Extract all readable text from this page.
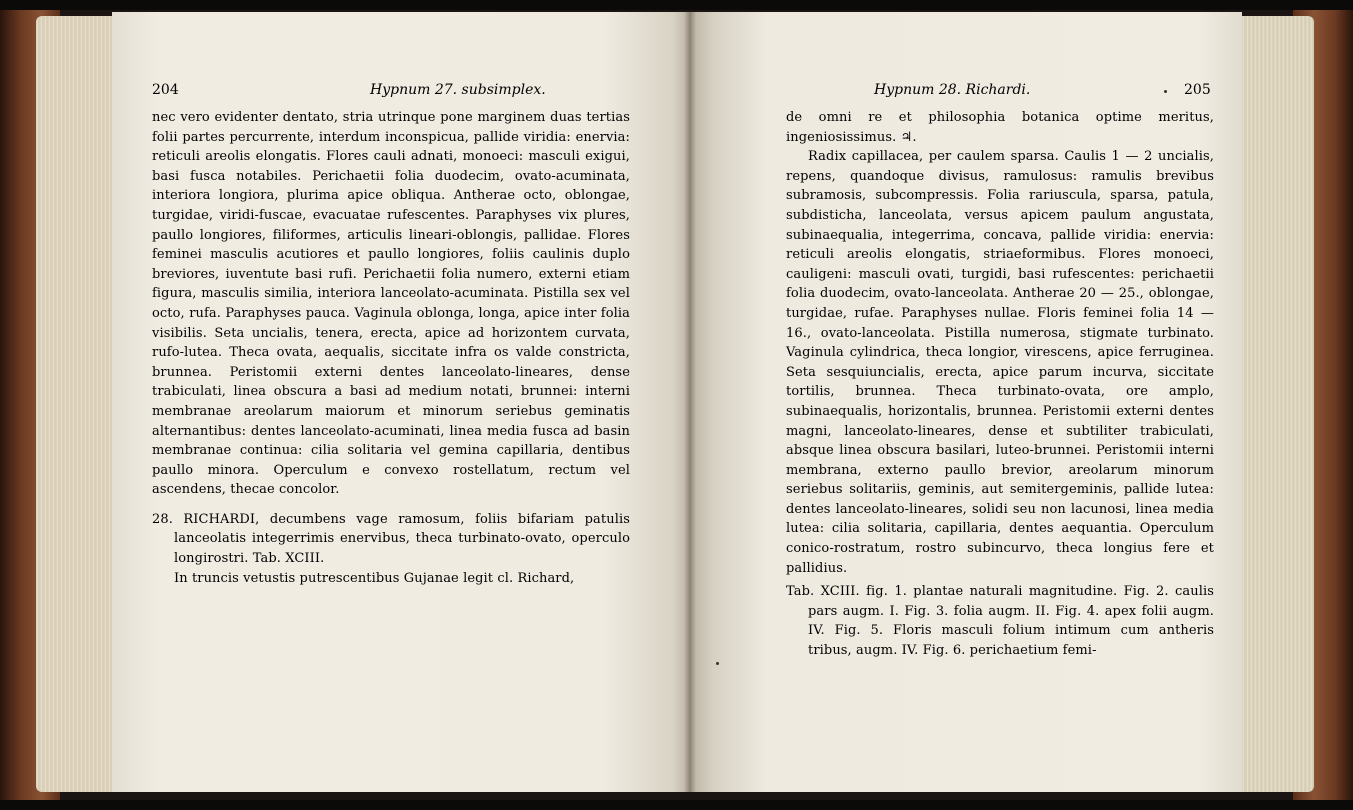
204	Hypnum 27. subsimplex.

nec vero evidenter dentato, stria utrinque pone marginem duas tertias folii partes percurrente, interdum inconspicua, pallide viridia: enervia: reticuli areolis elongatis. Flores cauli adnati, monoeci: masculi exigui, basi fusca notabiles. Perichaetii folia duodecim, ovato-acuminata, interiora longiora, plurima apice obliqua. Antherae octo, oblongae, turgidae, viridi-fuscae, evacuatae rufescentes. Paraphyses vix plures, paullo longiores, filiformes, articulis lineari-oblongis, pallidae. Flores feminei masculis acutiores et paullo longiores, foliis caulinis duplo breviores, iuventute basi rufi. Perichaetii folia numero, externi etiam figura, masculis similia, interiora lanceolato-acuminata. Pistilla sex vel octo, rufa. Paraphyses pauca. Vaginula oblonga, longa, apice inter folia visibilis. Seta uncialis, tenera, erecta, apice ad horizontem curvata, rufo-lutea. Theca ovata, aequalis, siccitate infra os valde constricta, brunnea. Peristomii externi dentes lanceolato-lineares, dense trabiculati, linea obscura a basi ad medium notati, brunnei: interni membranae areolarum maiorum et minorum seriebus geminatis alternantibus: dentes lanceolato-acuminati, linea media fusca ad basin membranae continua: cilia solitaria vel gemina capillaria, dentibus paullo minora. Operculum e convexo rostellatum, rectum vel ascendens, thecae concolor.

28. RICHARDI, decumbens vage ramosum, foliis bifariam patulis lanceolatis integerrimis enervibus, theca turbinato-ovato, operculo longirostri. Tab. XCIII.

In truncis vetustis putrescentibus Gujanae legit cl. Richard,

Hypnum 28. Richardi.	205

de omni re et philosophia botanica optime meritus, ingeniosissimus. ♃.

Radix capillacea, per caulem sparsa. Caulis 1 — 2 uncialis, repens, quandoque divisus, ramulosus: ramulis brevibus subramosis, subcompressis. Folia rariuscula, sparsa, patula, subdisticha, lanceolata, versus apicem paulum angustata, subinaequalia, integerrima, concava, pallide viridia: enervia: reticuli areolis elongatis, striaeformibus. Flores monoeci, cauligeni: masculi ovati, turgidi, basi rufescentes: perichaetii folia duodecim, ovato-lanceolata. Antherae 20 — 25., oblongae, turgidae, rufae. Paraphyses nullae. Floris feminei folia 14 — 16., ovato-lanceolata. Pistilla numerosa, stigmate turbinato. Vaginula cylindrica, theca longior, virescens, apice ferruginea. Seta sesquiuncialis, erecta, apice parum incurva, siccitate tortilis, brunnea. Theca turbinato-ovata, ore amplo, subinaequalis, horizontalis, brunnea. Peristomii externi dentes magni, lanceolato-lineares, dense et subtiliter trabiculati, absque linea obscura basilari, luteo-brunnei. Peristomii interni membrana, externo paullo brevior, areolarum minorum seriebus solitariis, geminis, aut semitergeminis, pallide lutea: dentes lanceolato-lineares, solidi seu non lacunosi, linea media lutea: cilia solitaria, capillaria, dentes aequantia. Operculum conico-rostratum, rostro subincurvo, theca longius fere et pallidius.

Tab. XCIII. fig. 1. plantae naturali magnitudine. Fig. 2. caulis pars augm. I. Fig. 3. folia augm. II. Fig. 4. apex folii augm. IV. Fig. 5. Floris masculi folium intimum cum antheris tribus, augm. IV. Fig. 6. perichaetium femi-
